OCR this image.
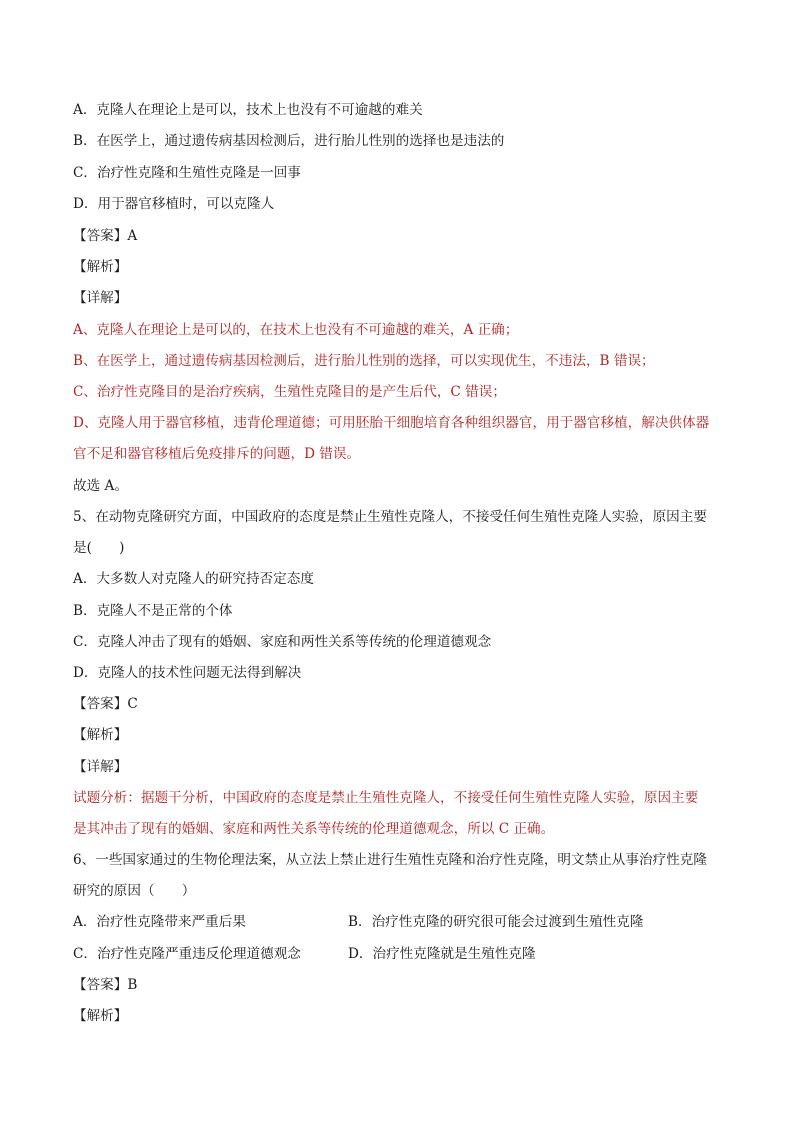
A．克隆人在理论上是可以，技术上也没有不可逾越的难关
B．在医学上，通过遗传病基因检测后，进行胎儿性别的选择也是违法的
C．治疗性克隆和生殖性克隆是一回事
D．用于器官移植时，可以克隆人
【答案】A
【解析】
【详解】
A、克隆人在理论上是可以的，在技术上也没有不可逾越的难关，A 正确；
B、在医学上，通过遗传病基因检测后，进行胎儿性别的选择，可以实现优生，不违法，B 错误；
C、治疗性克隆目的是治疗疾病，生殖性克隆目的是产生后代，C 错误；
D、克隆人用于器官移植，违背伦理道德；可用胚胎干细胞培育各种组织器官，用于器官移植，解决供体器
官不足和器官移植后免疫排斥的问题，D 错误。
故选 A。
5、在动物克隆研究方面，中国政府的态度是禁止生殖性克隆人，不接受任何生殖性克隆人实验，原因主要
是(　　)
A．大多数人对克隆人的研究持否定态度
B．克隆人不是正常的个体
C．克隆人冲击了现有的婚姻、家庭和两性关系等传统的伦理道德观念
D．克隆人的技术性问题无法得到解决
【答案】C
【解析】
【详解】
试题分析：据题干分析，中国政府的态度是禁止生殖性克隆人，不接受任何生殖性克隆人实验，原因主要
是其冲击了现有的婚姻、家庭和两性关系等传统的伦理道德观念，所以 C 正确。
6、一些国家通过的生物伦理法案，从立法上禁止进行生殖性克隆和治疗性克隆，明文禁止从事治疗性克隆
研究的原因（　　）
A．治疗性克隆带来严重后果	B．治疗性克隆的研究很可能会过渡到生殖性克隆
C．治疗性克隆严重违反伦理道德观念	D．治疗性克隆就是生殖性克隆
【答案】B
【解析】
